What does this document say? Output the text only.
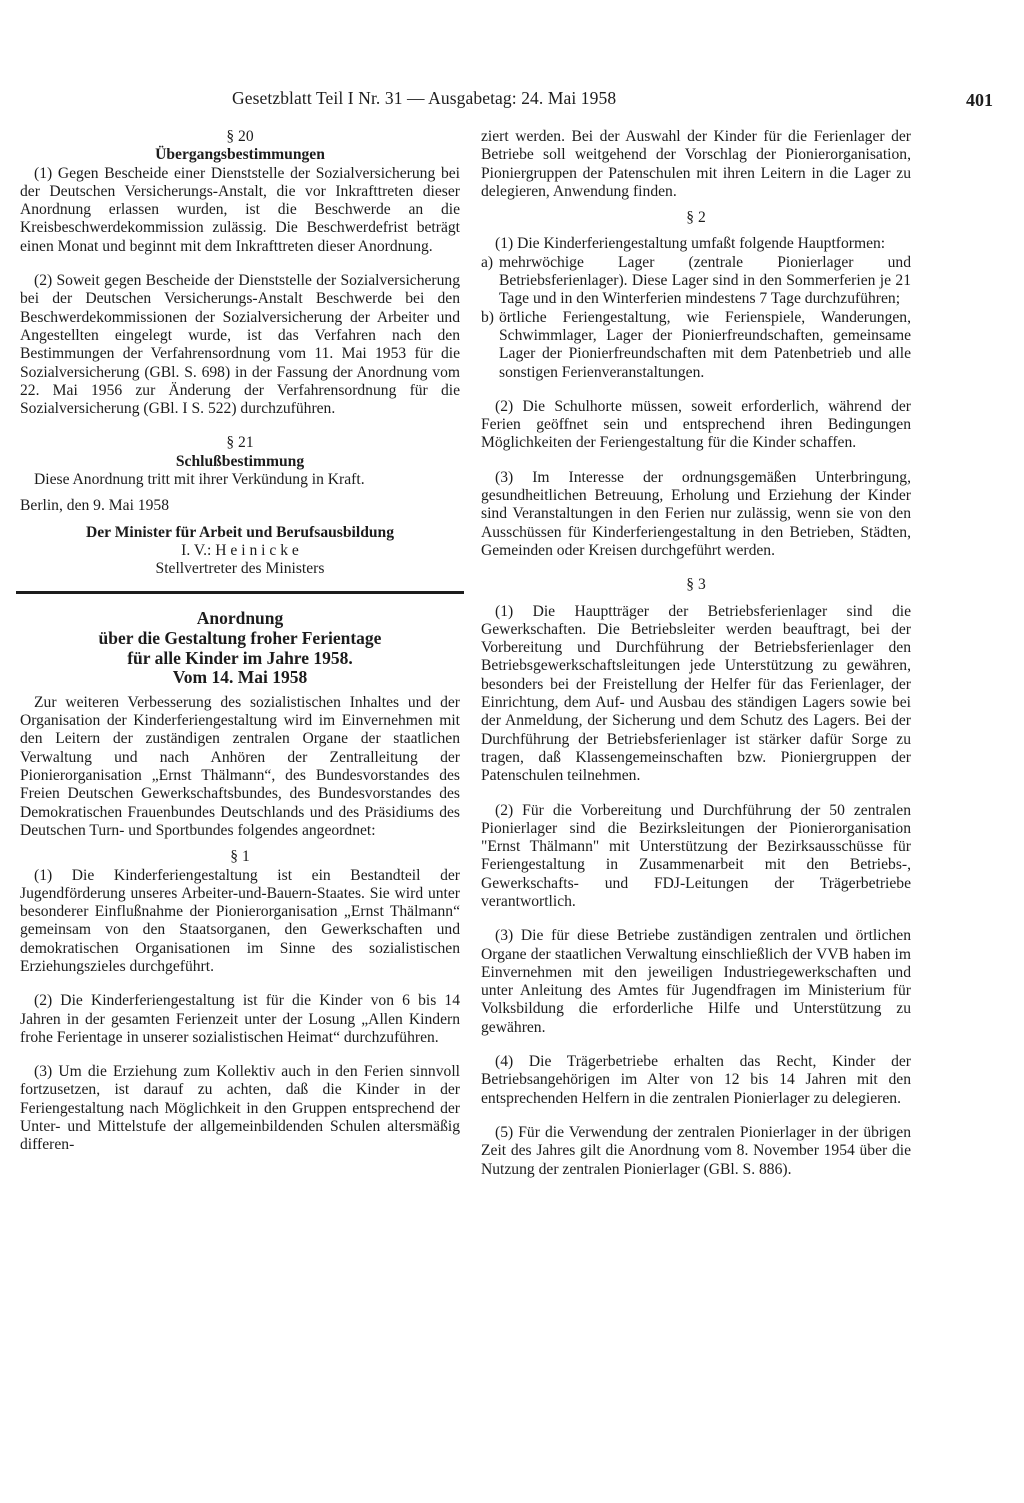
Gesetzblatt Teil I Nr. 31 — Ausgabetag: 24. Mai 1958	401

§ 20

Übergangsbestimmungen

(1) Gegen Bescheide einer Dienststelle der Sozialversicherung bei der Deutschen Versicherungs-Anstalt, die vor Inkrafttreten dieser Anordnung erlassen wurden, ist die Beschwerde an die Kreisbeschwerdekommission zulässig. Die Beschwerdefrist beträgt einen Monat und beginnt mit dem Inkrafttreten dieser Anordnung.

(2) Soweit gegen Bescheide der Dienststelle der Sozialversicherung bei der Deutschen Versicherungs-Anstalt Beschwerde bei den Beschwerdekommissionen der Sozialversicherung der Arbeiter und Angestellten eingelegt wurde, ist das Verfahren nach den Bestimmungen der Verfahrensordnung vom 11. Mai 1953 für die Sozialversicherung (GBl. S. 698) in der Fassung der Anordnung vom 22. Mai 1956 zur Änderung der Verfahrensordnung für die Sozialversicherung (GBl. I S. 522) durchzuführen.

§ 21

Schlußbestimmung

Diese Anordnung tritt mit ihrer Verkündung in Kraft.

Berlin, den 9. Mai 1958

Der Minister für Arbeit und Berufsausbildung

I. V.: H e i n i c k e

Stellvertreter des Ministers

Anordnung
über die Gestaltung froher Ferientage
für alle Kinder im Jahre 1958.

Vom 14. Mai 1958

Zur weiteren Verbesserung des sozialistischen Inhaltes und der Organisation der Kinderferiengestaltung wird im Einvernehmen mit den Leitern der zuständigen zentralen Organe der staatlichen Verwaltung und nach Anhören der Zentralleitung der Pionierorganisation „Ernst Thälmann“, des Bundesvorstandes des Freien Deutschen Gewerkschaftsbundes, des Bundesvorstandes des Demokratischen Frauenbundes Deutschlands und des Präsidiums des Deutschen Turn- und Sportbundes folgendes angeordnet:

§ 1

(1) Die Kinderferiengestaltung ist ein Bestandteil der Jugendförderung unseres Arbeiter-und-Bauern-Staates. Sie wird unter besonderer Einflußnahme der Pionierorganisation „Ernst Thälmann“ gemeinsam von den Staatsorganen, den Gewerkschaften und demokratischen Organisationen im Sinne des sozialistischen Erziehungszieles durchgeführt.

(2) Die Kinderferiengestaltung ist für die Kinder von 6 bis 14 Jahren in der gesamten Ferienzeit unter der Losung „Allen Kindern frohe Ferientage in unserer sozialistischen Heimat“ durchzuführen.

(3) Um die Erziehung zum Kollektiv auch in den Ferien sinnvoll fortzusetzen, ist darauf zu achten, daß die Kinder in der Feriengestaltung nach Möglichkeit in den Gruppen entsprechend der Unter- und Mittelstufe der allgemeinbildenden Schulen altersmäßig differen-

ziert werden. Bei der Auswahl der Kinder für die Ferienlager der Betriebe soll weitgehend der Vorschlag der Pionierorganisation, Pioniergruppen der Patenschulen mit ihren Leitern in die Lager zu delegieren, Anwendung finden.

§ 2

(1) Die Kinderferiengestaltung umfaßt folgende Hauptformen:

a) mehrwöchige Lager (zentrale Pionierlager und Betriebsferienlager). Diese Lager sind in den Sommerferien je 21 Tage und in den Winterferien mindestens 7 Tage durchzuführen;
b) örtliche Feriengestaltung, wie Ferienspiele, Wanderungen, Schwimmlager, Lager der Pionierfreundschaften, gemeinsame Lager der Pionierfreundschaften mit dem Patenbetrieb und alle sonstigen Ferienveranstaltungen.

(2) Die Schulhorte müssen, soweit erforderlich, während der Ferien geöffnet sein und entsprechend ihren Bedingungen Möglichkeiten der Feriengestaltung für die Kinder schaffen.

(3) Im Interesse der ordnungsgemäßen Unterbringung, gesundheitlichen Betreuung, Erholung und Erziehung der Kinder sind Veranstaltungen in den Ferien nur zulässig, wenn sie von den Ausschüssen für Kinderferiengestaltung in den Betrieben, Städten, Gemeinden oder Kreisen durchgeführt werden.

§ 3

(1) Die Hauptträger der Betriebsferienlager sind die Gewerkschaften. Die Betriebsleiter werden beauftragt, bei der Vorbereitung und Durchführung der Betriebsferienlager den Betriebsgewerkschaftsleitungen jede Unterstützung zu gewähren, besonders bei der Freistellung der Helfer für das Ferienlager, der Einrichtung, dem Auf- und Ausbau des ständigen Lagers sowie bei der Anmeldung, der Sicherung und dem Schutz des Lagers. Bei der Durchführung der Betriebsferienlager ist stärker dafür Sorge zu tragen, daß Klassengemeinschaften bzw. Pioniergruppen der Patenschulen teilnehmen.

(2) Für die Vorbereitung und Durchführung der 50 zentralen Pionierlager sind die Bezirksleitungen der Pionierorganisation "Ernst Thälmann" mit Unterstützung der Bezirksausschüsse für Feriengestaltung in Zusammenarbeit mit den Betriebs-, Gewerkschafts- und FDJ-Leitungen der Trägerbetriebe verantwortlich.

(3) Die für diese Betriebe zuständigen zentralen und örtlichen Organe der staatlichen Verwaltung einschließlich der VVB haben im Einvernehmen mit den jeweiligen Industriegewerkschaften und unter Anleitung des Amtes für Jugendfragen im Ministerium für Volksbildung die erforderliche Hilfe und Unterstützung zu gewähren.

(4) Die Trägerbetriebe erhalten das Recht, Kinder der Betriebsangehörigen im Alter von 12 bis 14 Jahren mit den entsprechenden Helfern in die zentralen Pionierlager zu delegieren.

(5) Für die Verwendung der zentralen Pionierlager in der übrigen Zeit des Jahres gilt die Anordnung vom 8. November 1954 über die Nutzung der zentralen Pionierlager (GBl. S. 886).
